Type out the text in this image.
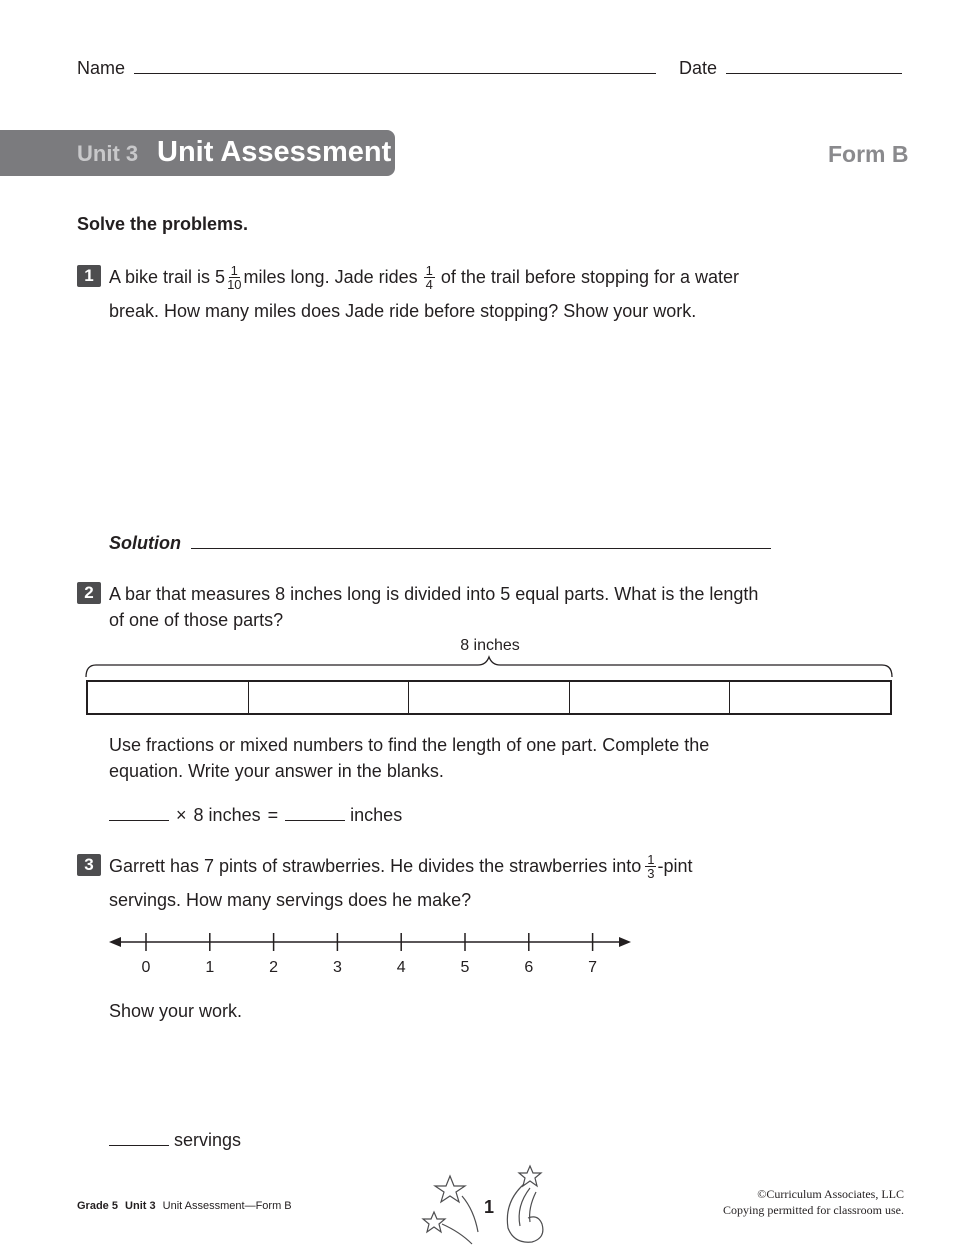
Name	Date
Unit 3 Unit Assessment	Form B
Solve the problems.
1 A bike trail is $5 \frac{1}{10}$ miles long. Jade rides $\frac{1}{4}$ of the trail before stopping for a water
break. How many miles does Jade ride before stopping? Show your work.
Solution
2 A bar that measures 8 inches long is divided into 5 equal parts. What is the length
of one of those parts?
8 inches
Use fractions or mixed numbers to find the length of one part. Complete the
equation. Write your answer in the blanks.
× 8 inches =	inches
3 Garrett has 7 pints of strawberries. He divides the strawberries into $\frac{1}{3}$ -pint
servings. How many servings does he make?
0	1	2	3	4	5	6	7
Show your work.
servings
Grade 5 Unit 3 Unit Assessment—Form B	1
©Curriculum Associates, LLC
Copying permitted for classroom use.
